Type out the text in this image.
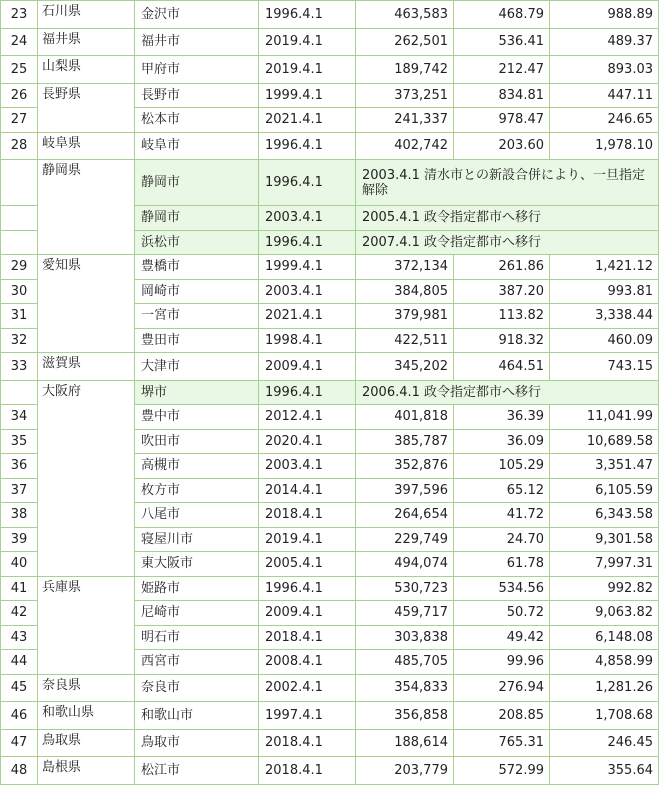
23	石川県	金沢市	1996.4.1	463,583	468.79	988.89
24	福井県	福井市	2019.4.1	262,501	536.41	489.37
25	山梨県	甲府市	2019.4.1	189,742	212.47	893.03
26	長野県	長野市	1999.4.1	373,251	834.81	447.11
27		松本市	2021.4.1	241,337	978.47	246.65
28	岐阜県	岐阜市	1996.4.1	402,742	203.60	1,978.10
	静岡県	静岡市	1996.4.1	2003.4.1 清水市との新設合併により、一旦指定解除		
		静岡市	2003.4.1	2005.4.1 政令指定都市へ移行		
		浜松市	1996.4.1	2007.4.1 政令指定都市へ移行		
29	愛知県	豊橋市	1999.4.1	372,134	261.86	1,421.12
30		岡崎市	2003.4.1	384,805	387.20	993.81
31		一宮市	2021.4.1	379,981	113.82	3,338.44
32		豊田市	1998.4.1	422,511	918.32	460.09
33	滋賀県	大津市	2009.4.1	345,202	464.51	743.15
	大阪府	堺市	1996.4.1	2006.4.1 政令指定都市へ移行		
34		豊中市	2012.4.1	401,818	36.39	11,041.99
35		吹田市	2020.4.1	385,787	36.09	10,689.58
36		高槻市	2003.4.1	352,876	105.29	3,351.47
37		枚方市	2014.4.1	397,596	65.12	6,105.59
38		八尾市	2018.4.1	264,654	41.72	6,343.58
39		寝屋川市	2019.4.1	229,749	24.70	9,301.58
40		東大阪市	2005.4.1	494,074	61.78	7,997.31
41	兵庫県	姫路市	1996.4.1	530,723	534.56	992.82
42		尼崎市	2009.4.1	459,717	50.72	9,063.82
43		明石市	2018.4.1	303,838	49.42	6,148.08
44		西宮市	2008.4.1	485,705	99.96	4,858.99
45	奈良県	奈良市	2002.4.1	354,833	276.94	1,281.26
46	和歌山県	和歌山市	1997.4.1	356,858	208.85	1,708.68
47	鳥取県	鳥取市	2018.4.1	188,614	765.31	246.45
48	島根県	松江市	2018.4.1	203,779	572.99	355.64
